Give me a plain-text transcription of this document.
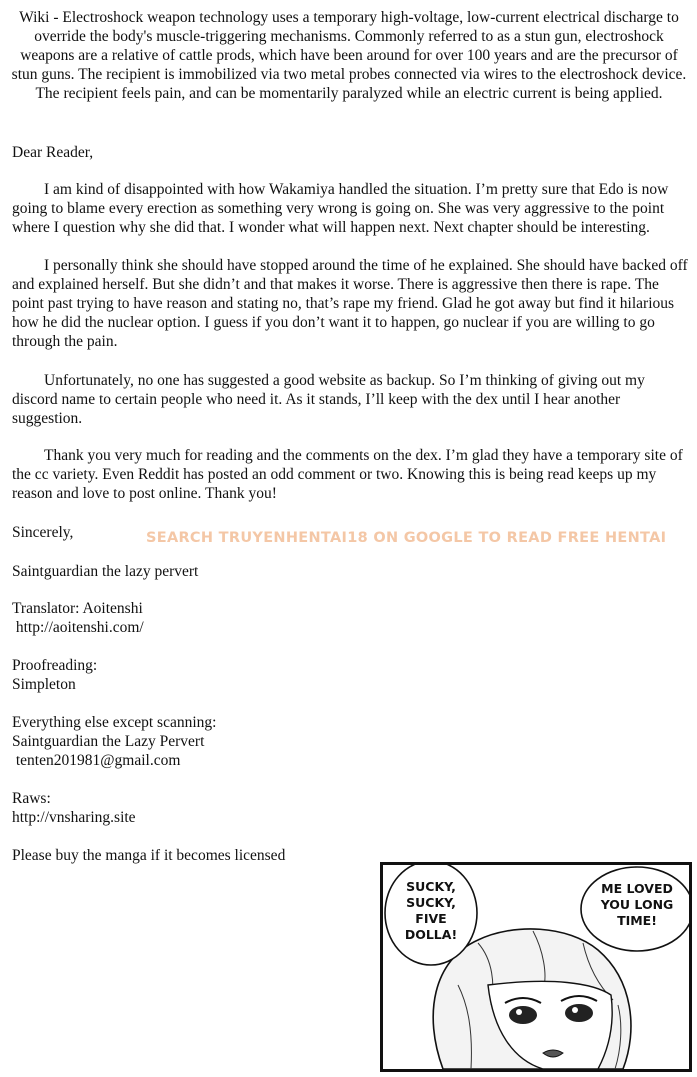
Wiki - Electroshock weapon technology uses a temporary high-voltage, low-current electrical discharge to override the body's muscle-triggering mechanisms. Commonly referred to as a stun gun, electroshock weapons are a relative of cattle prods, which have been around for over 100 years and are the precursor of stun guns. The recipient is immobilized via two metal probes connected via wires to the electroshock device. The recipient feels pain, and can be momentarily paralyzed while an electric current is being applied.
Dear Reader,

I am kind of disappointed with how Wakamiya handled the situation. I’m pretty sure that Edo is now going to blame every erection as something very wrong is going on. She was very aggressive to the point where I question why she did that. I wonder what will happen next. Next chapter should be interesting.

I personally think she should have stopped around the time of he explained. She should have backed off and explained herself. But she didn’t and that makes it worse. There is aggressive then there is rape. The point past trying to have reason and stating no, that’s rape my friend. Glad he got away but find it hilarious how he did the nuclear option. I guess if you don’t want it to happen, go nuclear if you are willing to go through the pain.

Unfortunately, no one has suggested a good website as backup. So I’m thinking of giving out my discord name to certain people who need it. As it stands, I’ll keep with the dex until I hear another suggestion.

Thank you very much for reading and the comments on the dex. I’m glad they have a temporary site of the cc variety. Even Reddit has posted an odd comment or two. Knowing this is being read keeps up my reason and love to post online. Thank you!

Sincerely,	SEARCH TRUYENHENTAI18 ON GOOGLE TO READ FREE HENTAI
Saintguardian the lazy pervert
Translator: Aoitenshi
http://aoitenshi.com/
Proofreading:
Simpleton
Everything else except scanning:
Saintguardian the Lazy Pervert
tenten201981@gmail.com
Raws:
http://vnsharing.site
Please buy the manga if it becomes licensed
SUCKY,
SUCKY,
FIVE
DOLLA!
ME LOVED
YOU LONG
TIME!
